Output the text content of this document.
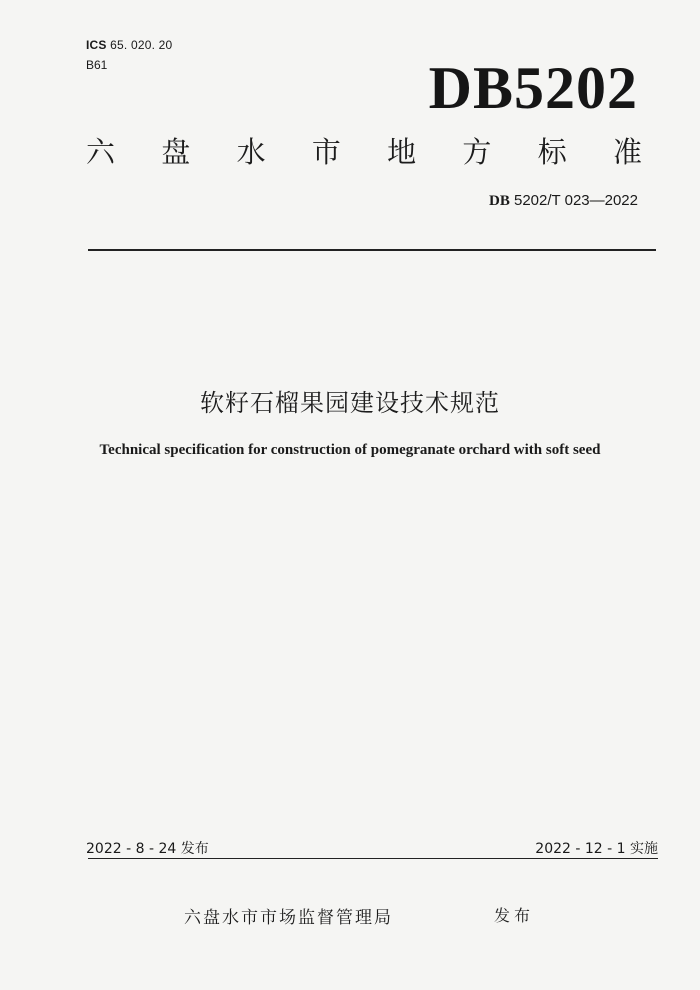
ICS 65. 020. 20
B61	DB5202
六 盘 水 市 地 方 标 准
DB 5202/T 023—2022
软籽石榴果园建设技术规范
Technical specification for construction of pomegranate orchard with soft seed
2022 - 8 - 24 发布	2022 - 12 - 1 实施
六盘水市市场监督管理局	发布
